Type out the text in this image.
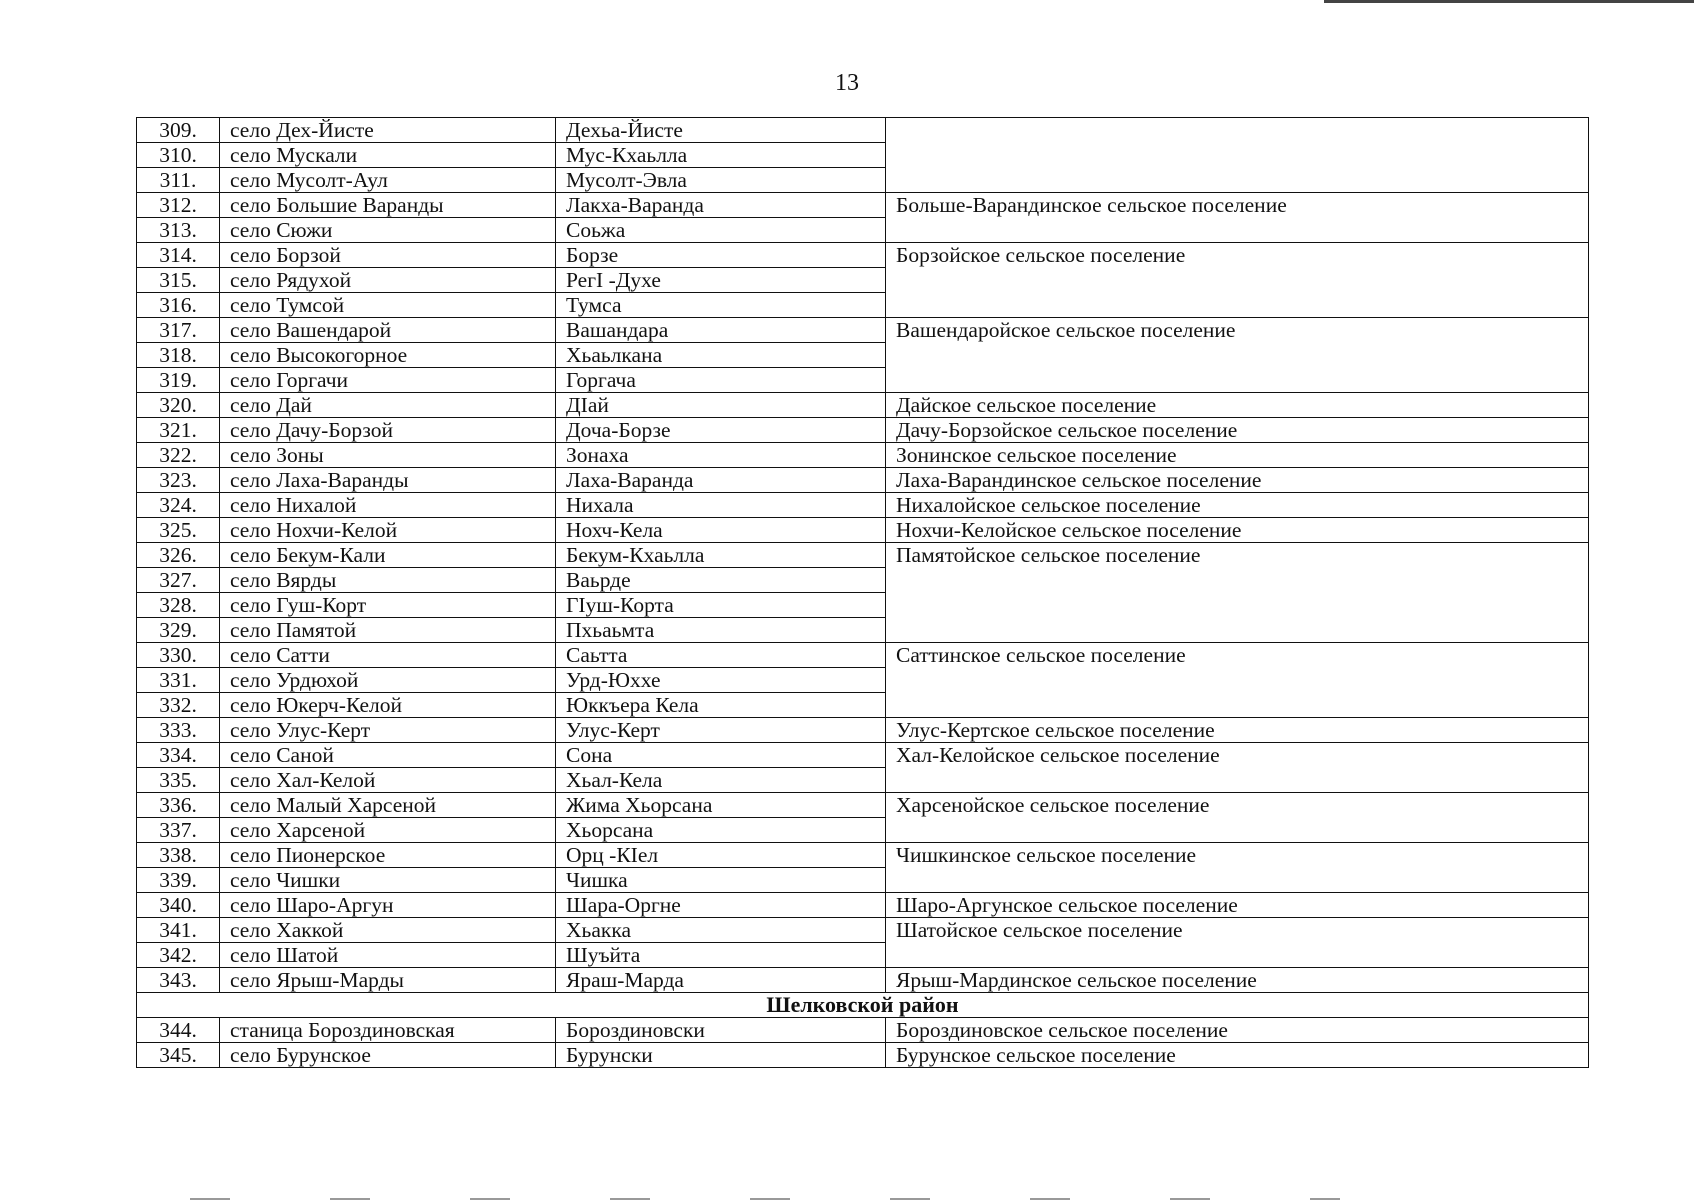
13
309.	село Дех-Йисте	Дехьа-Йисте	
310.	село Мускали	Мус-Кхаьлла	
311.	село Мусолт-Аул	Мусолт-Эвла	
312.	село Большие Варанды	Лакха-Варанда	Больше-Варандинское сельское поселение
313.	село Сюжи	Соьжа	
314.	село Борзой	Борзе	Борзойское сельское поселение
315.	село Рядухой	РегI -Духе	
316.	село Тумсой	Тумса	
317.	село Вашендарой	Вашандара	Вашендаройское сельское поселение
318.	село Высокогорное	Хьаьлкана	
319.	село Горгачи	Горгача	
320.	село Дай	ДIай	Дайское сельское поселение
321.	село Дачу-Борзой	Доча-Борзе	Дачу-Борзойское сельское поселение
322.	село Зоны	Зонаха	Зонинское сельское поселение
323.	село Лаха-Варанды	Лаха-Варанда	Лаха-Варандинское сельское поселение
324.	село Нихалой	Нихала	Нихалойское сельское поселение
325.	село Нохчи-Келой	Нохч-Кела	Нохчи-Келойское сельское поселение
326.	село Бекум-Кали	Бекум-Кхаьлла	Памятойское сельское поселение
327.	село Вярды	Ваьрде	
328.	село Гуш-Корт	ГIуш-Корта	
329.	село Памятой	Пхьаьмта	
330.	село Сатти	Саьтта	Саттинское сельское поселение
331.	село Урдюхой	Урд-Юххе	
332.	село Юкерч-Келой	Юккъера Кела	
333.	село Улус-Керт	Улус-Керт	Улус-Кертское сельское поселение
334.	село Саной	Сона	Хал-Келойское сельское поселение
335.	село Хал-Келой	Хьал-Кела	
336.	село Малый Харсеной	Жима Хьорсана	Харсенойское сельское поселение
337.	село Харсеной	Хьорсана	
338.	село Пионерское	Орц -КIел	Чишкинское сельское поселение
339.	село Чишки	Чишка	
340.	село Шаро-Аргун	Шара-Оргне	Шаро-Аргунское сельское поселение
341.	село Хаккой	Хьакка	Шатойское сельское поселение
342.	село Шатой	Шуъйта	
343.	село Ярыш-Марды	Яраш-Марда	Ярыш-Мардинское сельское поселение
Шелковской район			
344.	станица Бороздиновская	Бороздиновски	Бороздиновское сельское поселение
345.	село Бурунское	Бурунски	Бурунское сельское поселение
